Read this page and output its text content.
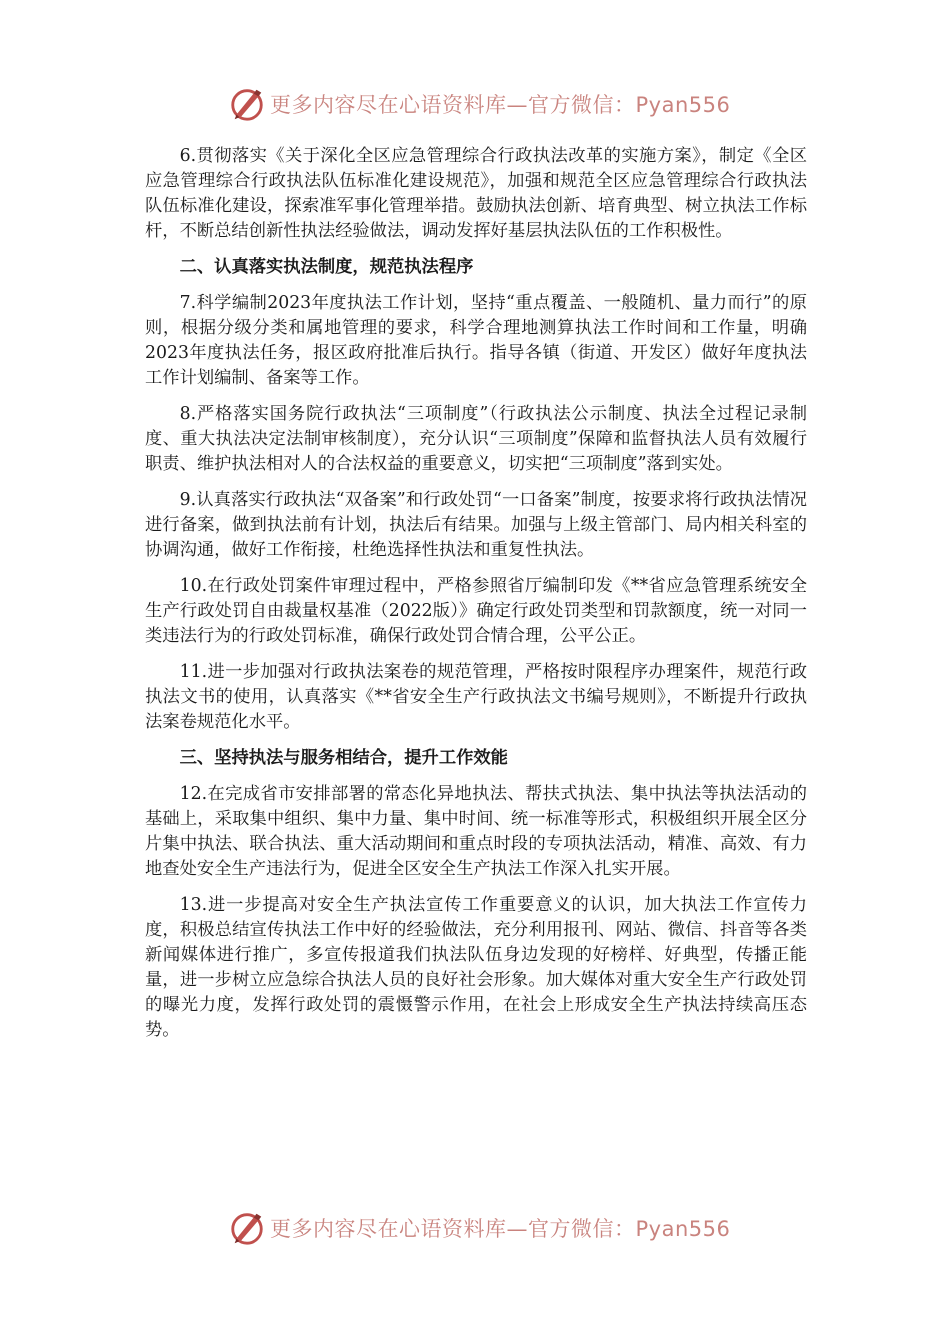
更多内容尽在心语资料库—官方微信：Pyan556

6.贯彻落实《关于深化全区应急管理综合行政执法改革的实施方案》，制定《全区应急管理综合行政执法队伍标准化建设规范》，加强和规范全区应急管理综合行政执法队伍标准化建设，探索准军事化管理举措。鼓励执法创新、培育典型、树立执法工作标杆，不断总结创新性执法经验做法，调动发挥好基层执法队伍的工作积极性。

二、认真落实执法制度，规范执法程序

7.科学编制2023年度执法工作计划，坚持“重点覆盖、一般随机、量力而行”的原则，根据分级分类和属地管理的要求，科学合理地测算执法工作时间和工作量，明确2023年度执法任务，报区政府批准后执行。指导各镇（街道、开发区）做好年度执法工作计划编制、备案等工作。

8.严格落实国务院行政执法“三项制度”（行政执法公示制度、执法全过程记录制度、重大执法决定法制审核制度），充分认识“三项制度”保障和监督执法人员有效履行职责、维护执法相对人的合法权益的重要意义，切实把“三项制度”落到实处。

9.认真落实行政执法“双备案”和行政处罚“一口备案”制度，按要求将行政执法情况进行备案，做到执法前有计划，执法后有结果。加强与上级主管部门、局内相关科室的协调沟通，做好工作衔接，杜绝选择性执法和重复性执法。

10.在行政处罚案件审理过程中，严格参照省厅编制印发《**省应急管理系统安全生产行政处罚自由裁量权基准（2022版）》确定行政处罚类型和罚款额度，统一对同一类违法行为的行政处罚标准，确保行政处罚合情合理，公平公正。

11.进一步加强对行政执法案卷的规范管理，严格按时限程序办理案件，规范行政执法文书的使用，认真落实《**省安全生产行政执法文书编号规则》，不断提升行政执法案卷规范化水平。

三、坚持执法与服务相结合，提升工作效能

12.在完成省市安排部署的常态化异地执法、帮扶式执法、集中执法等执法活动的基础上，采取集中组织、集中力量、集中时间、统一标准等形式，积极组织开展全区分片集中执法、联合执法、重大活动期间和重点时段的专项执法活动，精准、高效、有力地查处安全生产违法行为，促进全区安全生产执法工作深入扎实开展。

13.进一步提高对安全生产执法宣传工作重要意义的认识，加大执法工作宣传力度，积极总结宣传执法工作中好的经验做法，充分利用报刊、网站、微信、抖音等各类新闻媒体进行推广，多宣传报道我们执法队伍身边发现的好榜样、好典型，传播正能量，进一步树立应急综合执法人员的良好社会形象。加大媒体对重大安全生产行政处罚的曝光力度，发挥行政处罚的震慑警示作用，在社会上形成安全生产执法持续高压态势。

更多内容尽在心语资料库—官方微信：Pyan556
